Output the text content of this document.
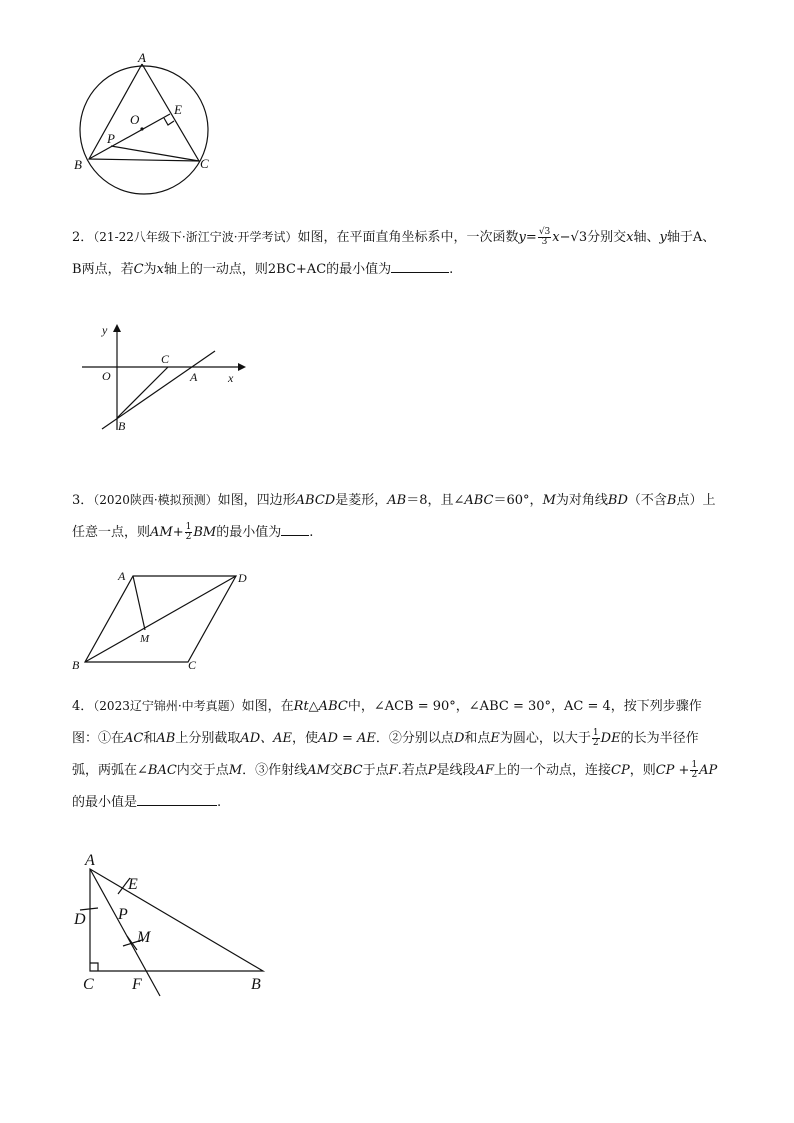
A
B	C
O
E
P
2．（21-22八年级下·浙江宁波·开学考试）如图，在平面直角坐标系中，一次函数$y= \frac{√3}{3} x-√3$分别交x轴、y轴于A、B两点，若C为x轴上的一动点，则2BC+AC的最小值为	.
y
x
O	A
B
C
3．（2020陕西·模拟预测）如图，四边形ABCD是菱形，AB＝8，且∠ABC＝60°，M为对角线BD（不含B点）上任意一点，则$AM+ \frac{1}{2}$ BM的最小值为 .
A	D
B	C
M
4．（2023辽宁锦州·中考真题）如图，在Rt△ABC中，∠ACB = 90°，∠ABC = 30°，AC = 4，按下列步骤作图：①在AC和AB上分别截取AD、AE，使AD = AE．②分别以点D和点E为圆心，以大于 $\frac{1}{2}$ DE的长为半径作弧，两弧在∠BAC内交于点M．③作射线AM交BC于点F.若点P是线段AF上的一个动点，连接CP，则CP + $\frac{1}{2}$ AP的最小值是	.
A
D
E
P
M
C F	B
